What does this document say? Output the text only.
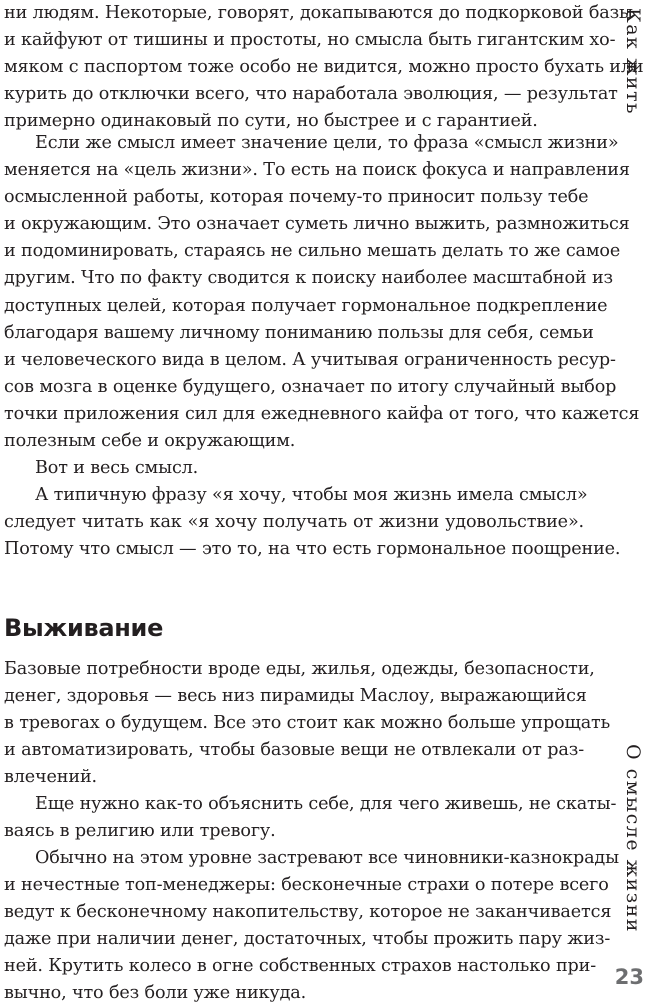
ни людям. Некоторые, говорят, докапываются до подкорковой базы
и кайфуют от тишины и простоты, но смысла быть гигантским хо-
мяком с паспортом тоже особо не видится, можно просто бухать или
курить до отключки всего, что наработала эволюция, — результат
примерно одинаковый по сути, но быстрее и с гарантией.
Если же смысл имеет значение цели, то фраза «смысл жизни»
меняется на «цель жизни». То есть на поиск фокуса и направления
осмысленной работы, которая почему-то приносит пользу тебе
и окружающим. Это означает суметь лично выжить, размножиться
и подоминировать, стараясь не сильно мешать делать то же самое
другим. Что по факту сводится к поиску наиболее масштабной из
доступных целей, которая получает гормональное подкрепление
благодаря вашему личному пониманию пользы для себя, семьи
и человеческого вида в целом. А учитывая ограниченность ресур-
сов мозга в оценке будущего, означает по итогу случайный выбор
точки приложения сил для ежедневного кайфа от того, что кажется
полезным себе и окружающим.
Вот и весь смысл.
А типичную фразу «я хочу, чтобы моя жизнь имела смысл»
следует читать как «я хочу получать от жизни удовольствие».
Потому что смысл — это то, на что есть гормональное поощрение.
Выживание
Базовые потребности вроде еды, жилья, одежды, безопасности,
денег, здоровья — весь низ пирамиды Маслоу, выражающийся
в тревогах о будущем. Все это стоит как можно больше упрощать
и автоматизировать, чтобы базовые вещи не отвлекали от раз-
влечений.
Еще нужно как-то объяснить себе, для чего живешь, не скаты-
ваясь в религию или тревогу.
Обычно на этом уровне застревают все чиновники-казнокрады
и нечестные топ-менеджеры: бесконечные страхи о потере всего
ведут к бесконечному накопительству, которое не заканчивается
даже при наличии денег, достаточных, чтобы прожить пару жиз-
ней. Крутить колесо в огне собственных страхов настолько при-
вычно, что без боли уже никуда.
Как жить
О смысле жизни
23
